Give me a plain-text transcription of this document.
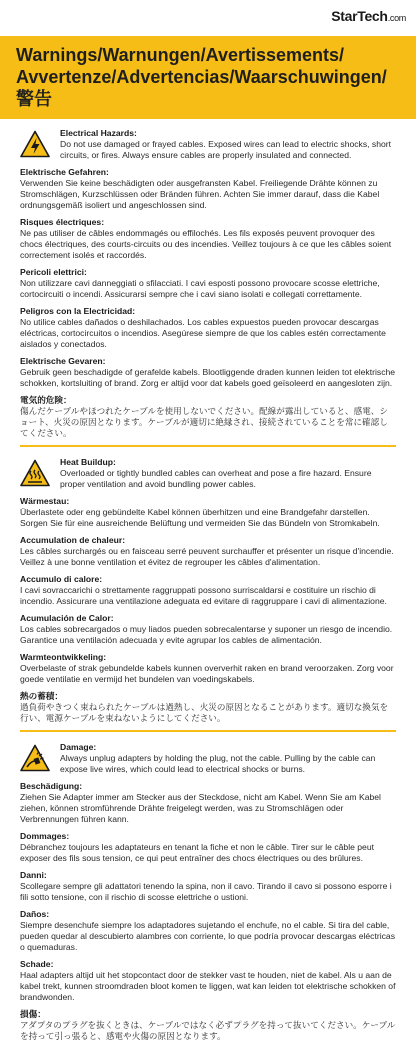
StarTech.com
Warnings/Warnungen/Avertissements/
Avvertenze/Advertencias/Waarschuwingen/警告
Electrical Hazards:
Do not use damaged or frayed cables. Exposed wires can lead to electric shocks, short circuits, or fires. Always ensure cables are properly insulated and connected.
Elektrische Gefahren:
Verwenden Sie keine beschädigten oder ausgefransten Kabel. Freiliegende Drähte können zu Stromschlägen, Kurzschlüssen oder Bränden führen. Achten Sie immer darauf, dass die Kabel ordnungsgemäß isoliert und angeschlossen sind.
Risques électriques:
Ne pas utiliser de câbles endommagés ou effilochés. Les fils exposés peuvent provoquer des chocs électriques, des courts-circuits ou des incendies. Veillez toujours à ce que les câbles soient correctement isolés et raccordés.
Pericoli elettrici:
Non utilizzare cavi danneggiati o sfilacciati. I cavi esposti possono provocare scosse elettriche, cortocircuiti o incendi. Assicurarsi sempre che i cavi siano isolati e collegati correttamente.
Peligros con la Electricidad:
No utilice cables dañados o deshilachados. Los cables expuestos pueden provocar descargas eléctricas, cortocircuitos o incendios. Asegúrese siempre de que los cables estén correctamente aislados y conectados.
Elektrische Gevaren:
Gebruik geen beschadigde of gerafelde kabels. Blootliggende draden kunnen leiden tot elektrische schokken, kortsluiting of brand. Zorg er altijd voor dat kabels goed geïsoleerd en aangesloten zijn.
電気的危険：
傷んだケーブルやほつれたケーブルを使用しないでください。配線が露出していると、感電、ショート、火災の原因となります。ケーブルが適切に絶縁され、接続されていることを常に確認してください。
Heat Buildup:
Overloaded or tightly bundled cables can overheat and pose a fire hazard. Ensure proper ventilation and avoid bundling power cables.
Wärmestau:
Überlastete oder eng gebündelte Kabel können überhitzen und eine Brandgefahr darstellen. Sorgen Sie für eine ausreichende Belüftung und vermeiden Sie das Bündeln von Stromkabeln.
Accumulation de chaleur:
Les câbles surchargés ou en faisceau serré peuvent surchauffer et présenter un risque d'incendie. Veillez à une bonne ventilation et évitez de regrouper les câbles d'alimentation.
Accumulo di calore:
I cavi sovraccarichi o strettamente raggruppati possono surriscaldarsi e costituire un rischio di incendio. Assicurare una ventilazione adeguata ed evitare di raggruppare i cavi di alimentazione.
Acumulación de Calor:
Los cables sobrecargados o muy liados pueden sobrecalentarse y suponer un riesgo de incendio. Garantice una ventilación adecuada y evite agrupar los cables de alimentación.
Warmteontwikkeling:
Overbelaste of strak gebundelde kabels kunnen oververhit raken en brand veroorzaken. Zorg voor goede ventilatie en vermijd het bundelen van voedingskabels.
熱の蓄積：
過負荷やきつく束ねられたケーブルは過熱し、火災の原因となることがあります。適切な換気を行い、電源ケーブルを束ねないようにしてください。
Damage:
Always unplug adapters by holding the plug, not the cable. Pulling by the cable can expose live wires, which could lead to electrical shocks or burns.
Beschädigung:
Ziehen Sie Adapter immer am Stecker aus der Steckdose, nicht am Kabel. Wenn Sie am Kabel ziehen, können stromführende Drähte freigelegt werden, was zu Stromschlägen oder Verbrennungen führen kann.
Dommages:
Débranchez toujours les adaptateurs en tenant la fiche et non le câble. Tirer sur le câble peut exposer des fils sous tension, ce qui peut entraîner des chocs électriques ou des brûlures.
Danni:
Scollegare sempre gli adattatori tenendo la spina, non il cavo. Tirando il cavo si possono esporre i fili sotto tensione, con il rischio di scosse elettriche o ustioni.
Daños:
Siempre desenchufe siempre los adaptadores sujetando el enchufe, no el cable. Si tira del cable, pueden quedar al descubierto alambres con corriente, lo que podría provocar descargas eléctricas o quemaduras.
Schade:
Haal adapters altijd uit het stopcontact door de stekker vast te houden, niet de kabel. Als u aan de kabel trekt, kunnen stroomdraden bloot komen te liggen, wat kan leiden tot elektrische schokken of brandwonden.
損傷：
アダプタのプラグを抜くときは、ケーブルではなく必ずプラグを持って抜いてください。ケーブルを持って引っ張ると、感電や火傷の原因となります。
